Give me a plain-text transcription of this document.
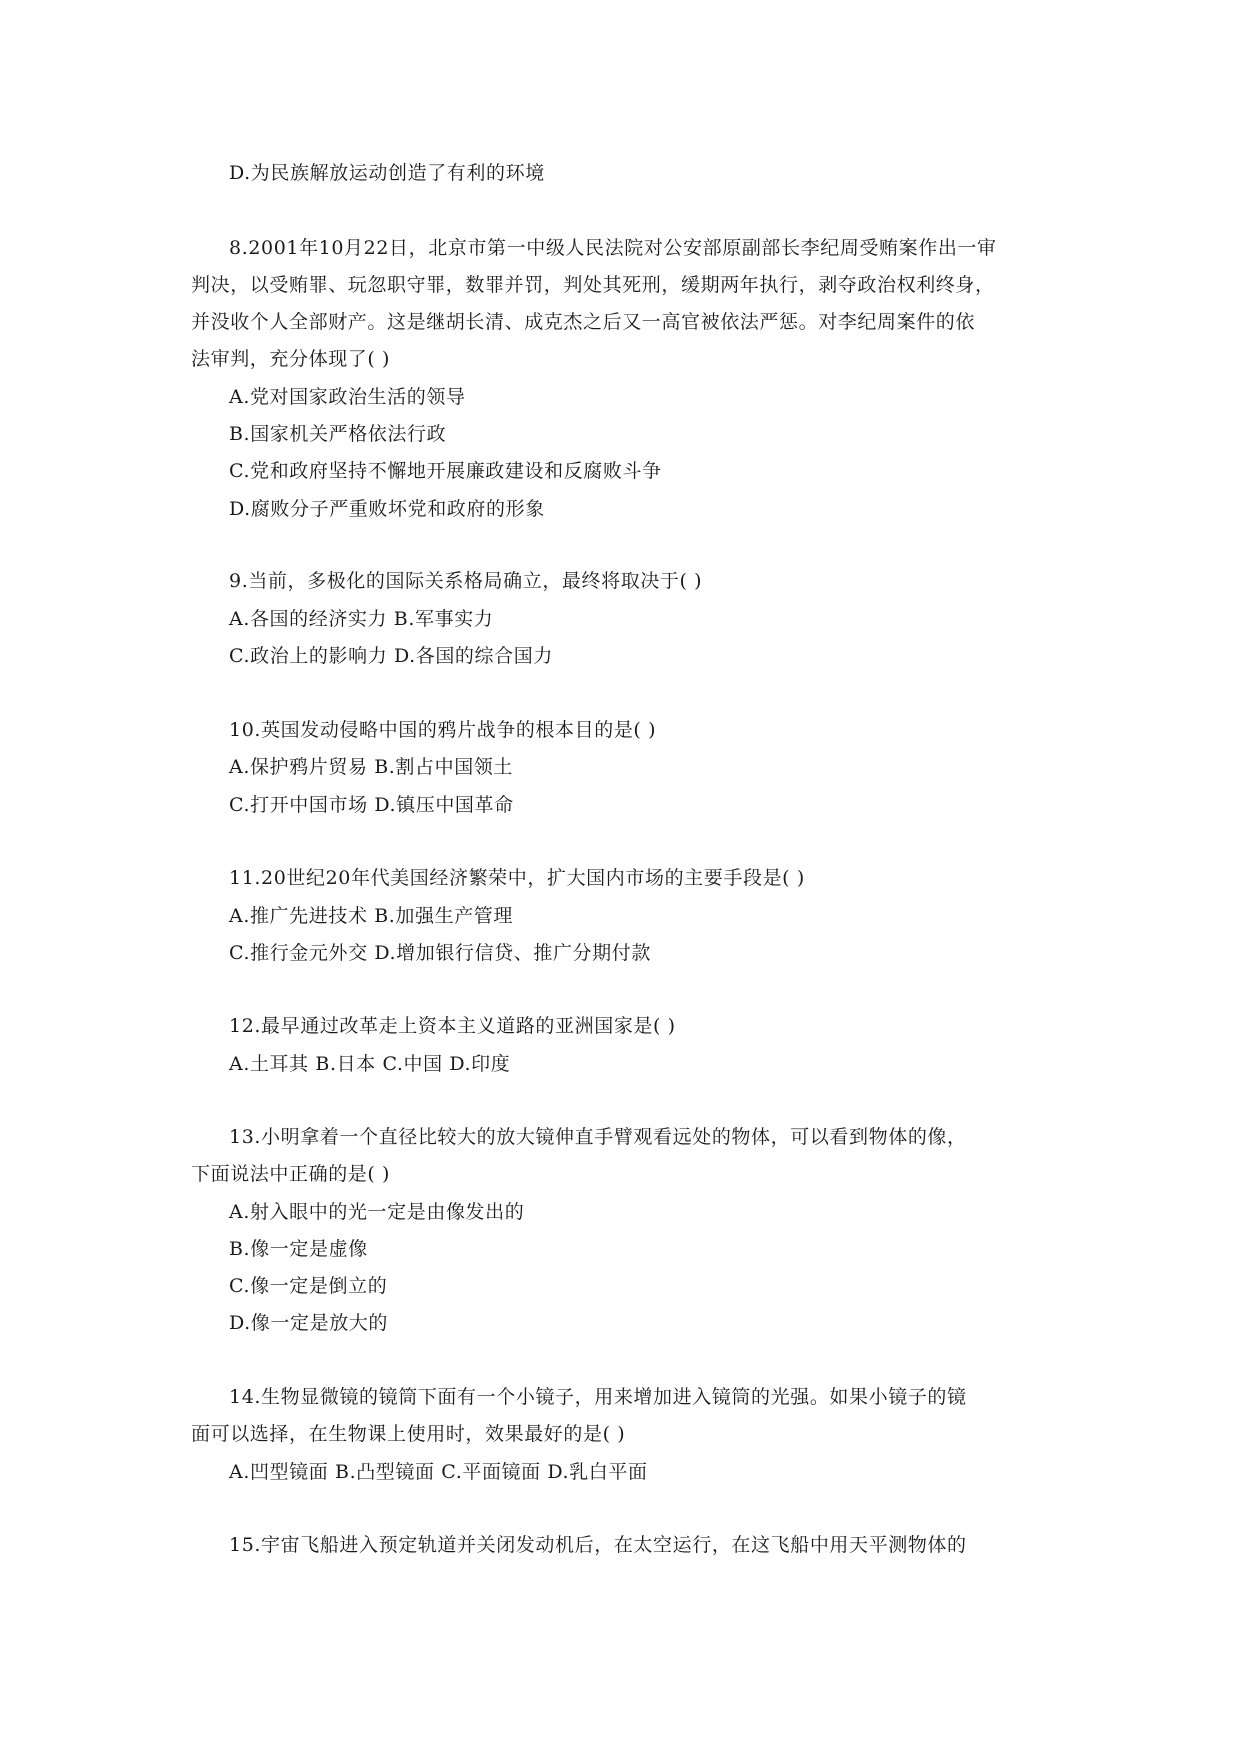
D.为民族解放运动创造了有利的环境
8.2001年10月22日，北京市第一中级人民法院对公安部原副部长李纪周受贿案作出一审
判决，以受贿罪、玩忽职守罪，数罪并罚，判处其死刑，缓期两年执行，剥夺政治权利终身，
并没收个人全部财产。这是继胡长清、成克杰之后又一高官被依法严惩。对李纪周案件的依
法审判，充分体现了( )
A.党对国家政治生活的领导
B.国家机关严格依法行政
C.党和政府坚持不懈地开展廉政建设和反腐败斗争
D.腐败分子严重败坏党和政府的形象
9.当前，多极化的国际关系格局确立，最终将取决于( )
A.各国的经济实力 B.军事实力
C.政治上的影响力 D.各国的综合国力
10.英国发动侵略中国的鸦片战争的根本目的是( )
A.保护鸦片贸易 B.割占中国领土
C.打开中国市场 D.镇压中国革命
11.20世纪20年代美国经济繁荣中，扩大国内市场的主要手段是( )
A.推广先进技术 B.加强生产管理
C.推行金元外交 D.增加银行信贷、推广分期付款
12.最早通过改革走上资本主义道路的亚洲国家是( )
A.土耳其 B.日本 C.中国 D.印度
13.小明拿着一个直径比较大的放大镜伸直手臂观看远处的物体，可以看到物体的像，
下面说法中正确的是( )
A.射入眼中的光一定是由像发出的
B.像一定是虚像
C.像一定是倒立的
D.像一定是放大的
14.生物显微镜的镜筒下面有一个小镜子，用来增加进入镜筒的光强。如果小镜子的镜
面可以选择，在生物课上使用时，效果最好的是( )
A.凹型镜面 B.凸型镜面 C.平面镜面 D.乳白平面
15.宇宙飞船进入预定轨道并关闭发动机后，在太空运行，在这飞船中用天平测物体的
